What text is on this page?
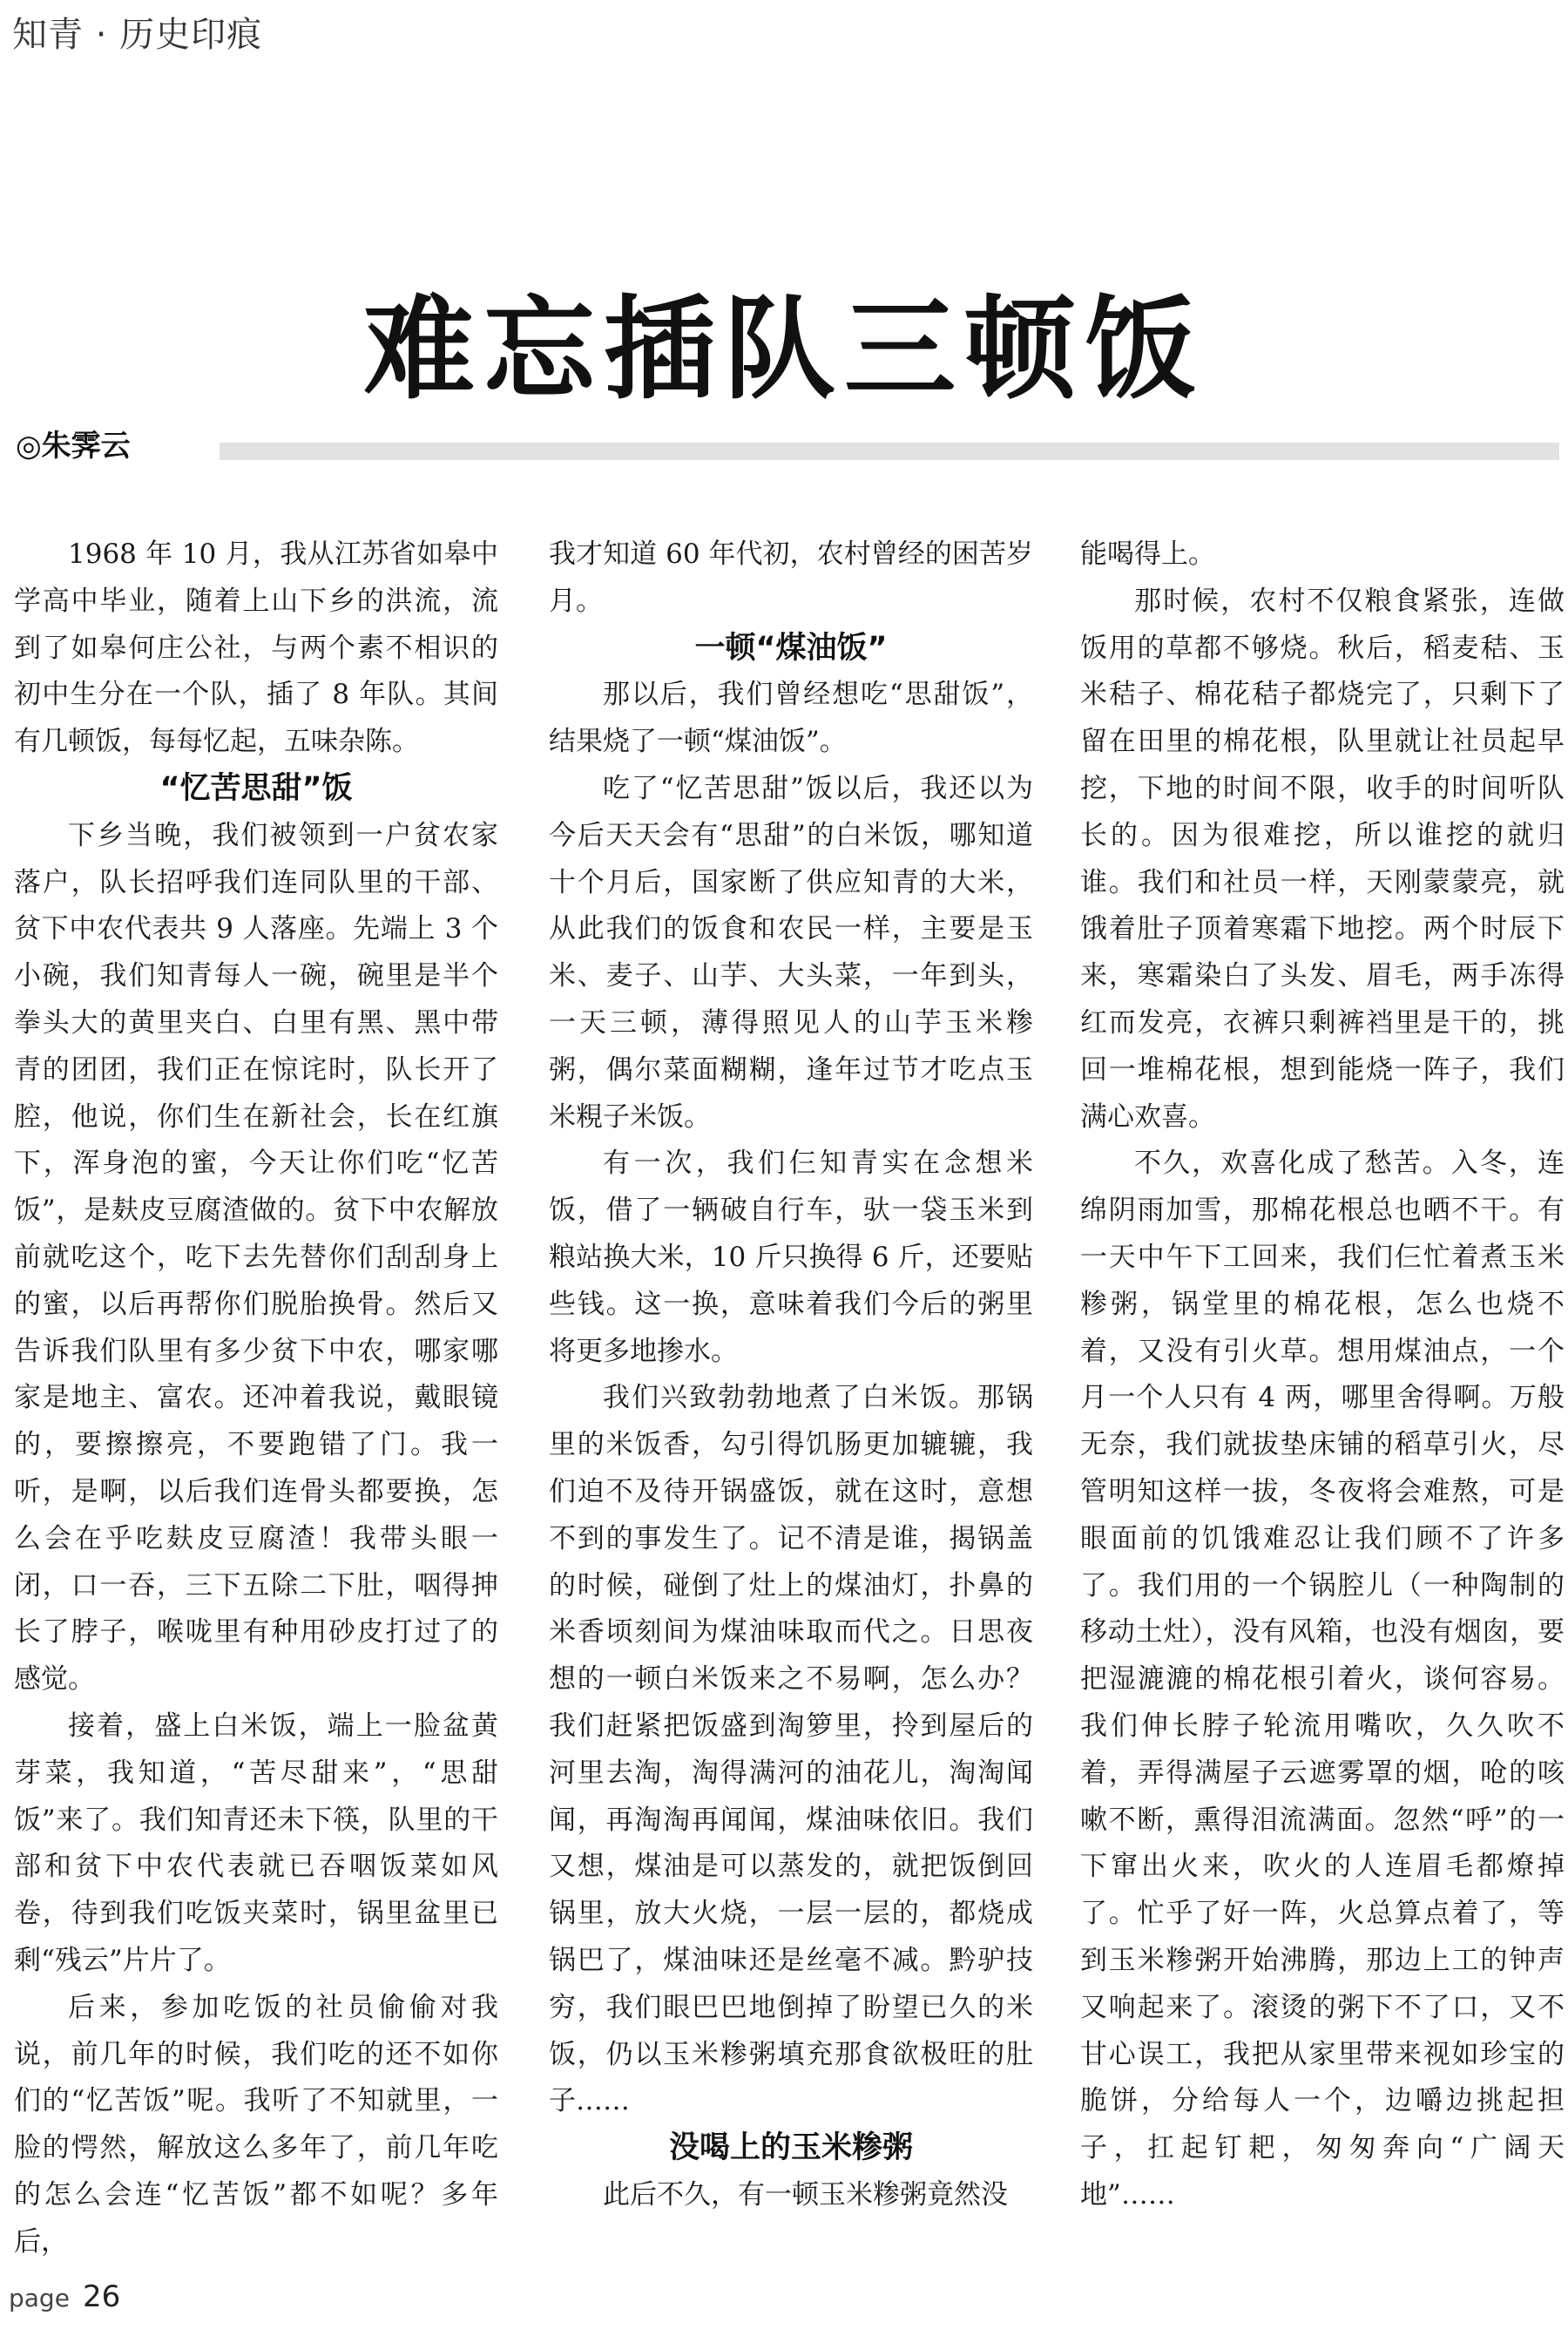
知青 · 历史印痕
难忘插队三顿饭
◎朱霁云

1968 年 10 月，我从江苏省如皋中学高中毕业，随着上山下乡的洪流，流到了如皋何庄公社，与两个素不相识的初中生分在一个队，插了 8 年队。其间有几顿饭，每每忆起，五味杂陈。

“忆苦思甜”饭

下乡当晚，我们被领到一户贫农家落户，队长招呼我们连同队里的干部、贫下中农代表共 9 人落座。先端上 3 个小碗，我们知青每人一碗，碗里是半个拳头大的黄里夹白、白里有黑、黑中带青的团团，我们正在惊诧时，队长开了腔，他说，你们生在新社会，长在红旗下，浑身泡的蜜，今天让你们吃“忆苦饭”，是麸皮豆腐渣做的。贫下中农解放前就吃这个，吃下去先替你们刮刮身上的蜜，以后再帮你们脱胎换骨。然后又告诉我们队里有多少贫下中农，哪家哪家是地主、富农。还冲着我说，戴眼镜的，要擦擦亮，不要跑错了门。我一听，是啊，以后我们连骨头都要换，怎么会在乎吃麸皮豆腐渣！我带头眼一闭，口一吞，三下五除二下肚，咽得抻长了脖子，喉咙里有种用砂皮打过了的感觉。

接着，盛上白米饭，端上一脸盆黄芽菜，我知道，“苦尽甜来”，“思甜饭”来了。我们知青还未下筷，队里的干部和贫下中农代表就已吞咽饭菜如风卷，待到我们吃饭夹菜时，锅里盆里已剩“残云”片片了。

后来，参加吃饭的社员偷偷对我说，前几年的时候，我们吃的还不如你们的“忆苦饭”呢。我听了不知就里，一脸的愕然，解放这么多年了，前几年吃的怎么会连“忆苦饭”都不如呢？多年后，

我才知道 60 年代初，农村曾经的困苦岁月。

一顿“煤油饭”

那以后，我们曾经想吃“思甜饭”，结果烧了一顿“煤油饭”。

吃了“忆苦思甜”饭以后，我还以为今后天天会有“思甜”的白米饭，哪知道十个月后，国家断了供应知青的大米，从此我们的饭食和农民一样，主要是玉米、麦子、山芋、大头菜，一年到头，一天三顿，薄得照见人的山芋玉米糁粥，偶尔菜面糊糊，逢年过节才吃点玉米粯子米饭。

有一次，我们仨知青实在念想米饭，借了一辆破自行车，驮一袋玉米到粮站换大米，10 斤只换得 6 斤，还要贴些钱。这一换，意味着我们今后的粥里将更多地掺水。

我们兴致勃勃地煮了白米饭。那锅里的米饭香，勾引得饥肠更加辘辘，我们迫不及待开锅盛饭，就在这时，意想不到的事发生了。记不清是谁，揭锅盖的时候，碰倒了灶上的煤油灯，扑鼻的米香顷刻间为煤油味取而代之。日思夜想的一顿白米饭来之不易啊，怎么办？我们赶紧把饭盛到淘箩里，拎到屋后的河里去淘，淘得满河的油花儿，淘淘闻闻，再淘淘再闻闻，煤油味依旧。我们又想，煤油是可以蒸发的，就把饭倒回锅里，放大火烧，一层一层的，都烧成锅巴了，煤油味还是丝毫不减。黔驴技穷，我们眼巴巴地倒掉了盼望已久的米饭，仍以玉米糁粥填充那食欲极旺的肚子……

没喝上的玉米糁粥

此后不久，有一顿玉米糁粥竟然没

能喝得上。

那时候，农村不仅粮食紧张，连做饭用的草都不够烧。秋后，稻麦秸、玉米秸子、棉花秸子都烧完了，只剩下了留在田里的棉花根，队里就让社员起早挖，下地的时间不限，收手的时间听队长的。因为很难挖，所以谁挖的就归谁。我们和社员一样，天刚蒙蒙亮，就饿着肚子顶着寒霜下地挖。两个时辰下来，寒霜染白了头发、眉毛，两手冻得红而发亮，衣裤只剩裤裆里是干的，挑回一堆棉花根，想到能烧一阵子，我们满心欢喜。

不久，欢喜化成了愁苦。入冬，连绵阴雨加雪，那棉花根总也晒不干。有一天中午下工回来，我们仨忙着煮玉米糁粥，锅堂里的棉花根，怎么也烧不着，又没有引火草。想用煤油点，一个月一个人只有 4 两，哪里舍得啊。万般无奈，我们就拔垫床铺的稻草引火，尽管明知这样一拔，冬夜将会难熬，可是眼面前的饥饿难忍让我们顾不了许多了。我们用的一个锅腔儿（一种陶制的移动土灶），没有风箱，也没有烟囱，要把湿漉漉的棉花根引着火，谈何容易。我们伸长脖子轮流用嘴吹，久久吹不着，弄得满屋子云遮雾罩的烟，呛的咳嗽不断，熏得泪流满面。忽然“呼”的一下窜出火来，吹火的人连眉毛都燎掉了。忙乎了好一阵，火总算点着了，等到玉米糁粥开始沸腾，那边上工的钟声又响起来了。滚烫的粥下不了口，又不甘心误工，我把从家里带来视如珍宝的脆饼，分给每人一个，边嚼边挑起担子，扛起钉耙，匆匆奔向“广阔天地”……

page 26
